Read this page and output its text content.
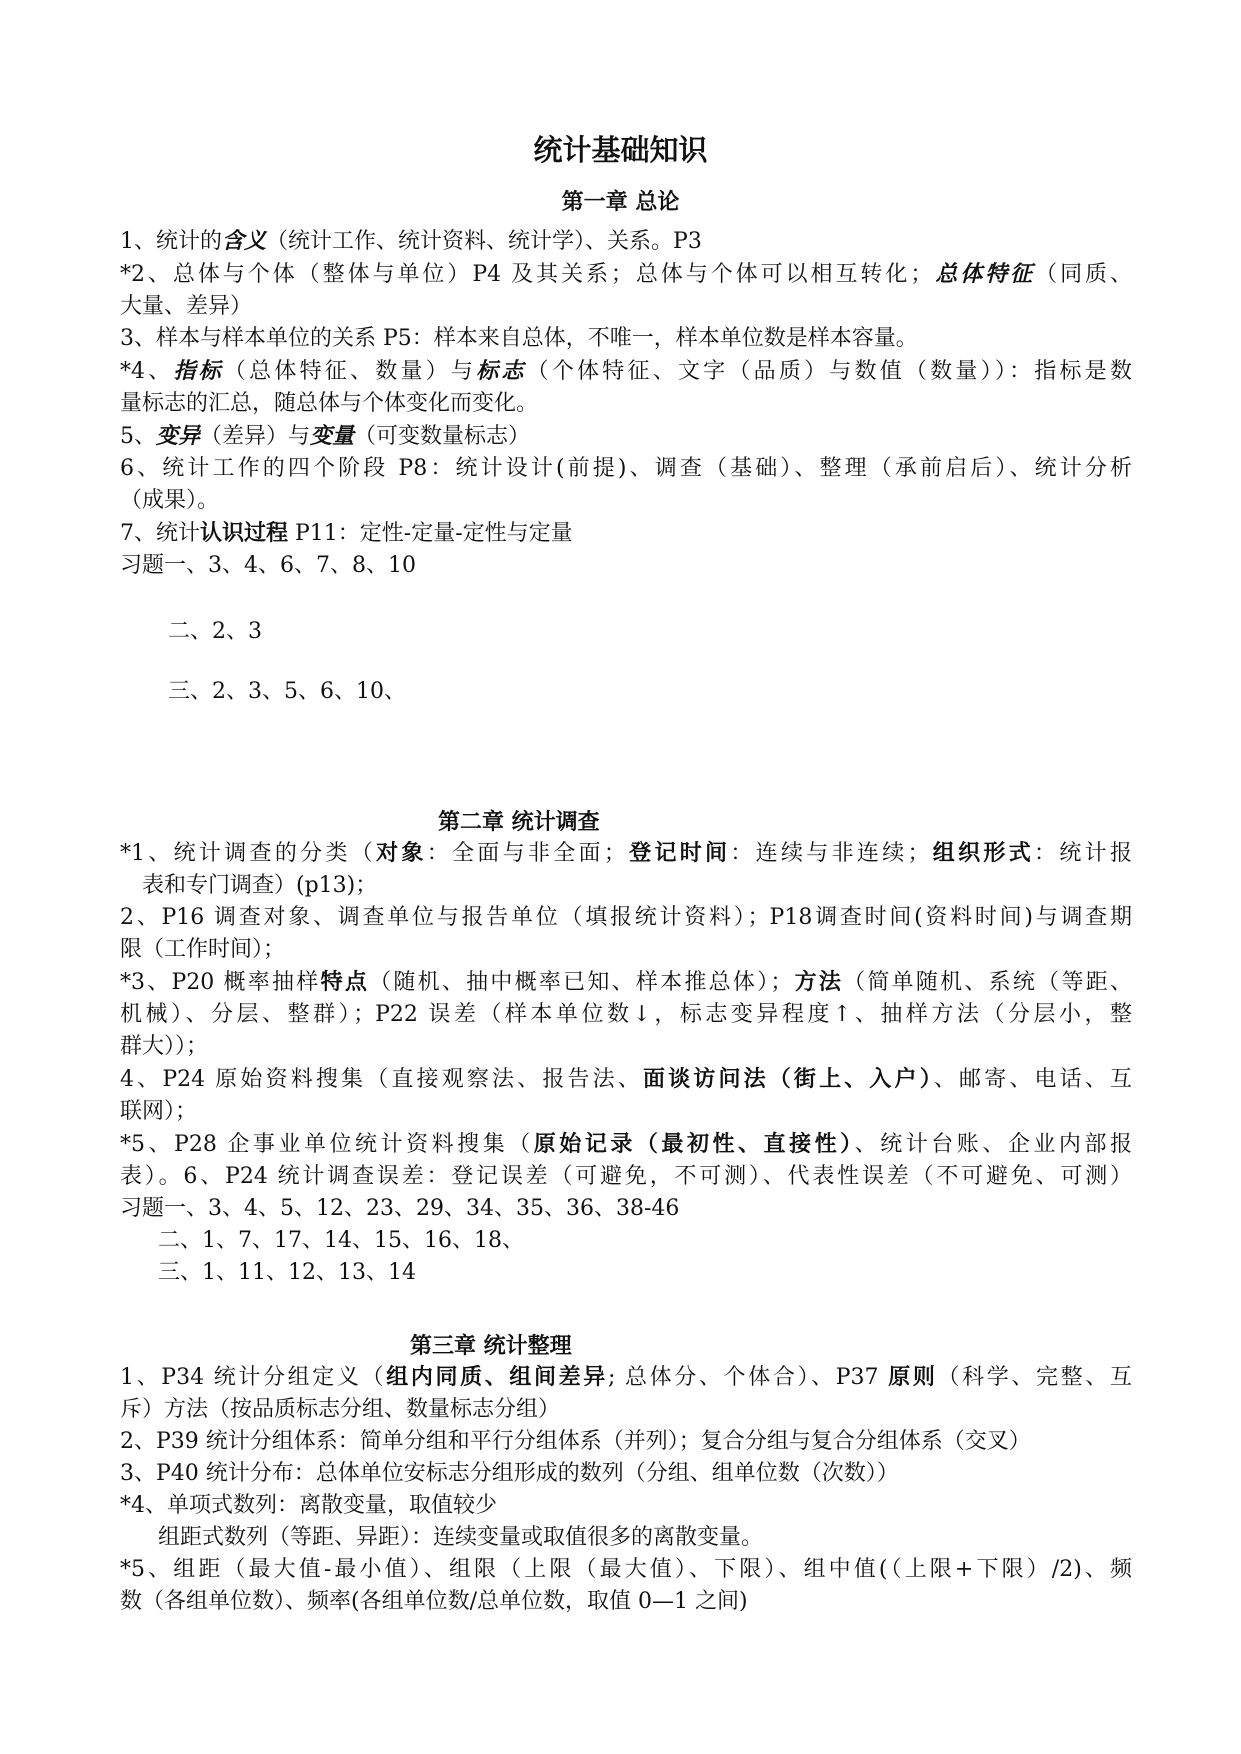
统计基础知识
第一章 总论
1、统计的含义（统计工作、统计资料、统计学）、关系。P3
*2、总体与个体（整体与单位）P4 及其关系；总体与个体可以相互转化；总体特征（同质、
大量、差异）
3、样本与样本单位的关系 P5：样本来自总体，不唯一，样本单位数是样本容量。
*4、指标（总体特征、数量）与标志（个体特征、文字（品质）与数值（数量））：指标是数
量标志的汇总，随总体与个体变化而变化。
5、变异（差异）与变量（可变数量标志）
6、统计工作的四个阶段 P8：统计设计(前提)、调查（基础）、整理（承前启后）、统计分析
（成果）。
7、统计认识过程 P11：定性-定量-定性与定量
习题一、3、4、6、7、8、10
二、2、3
三、2、3、5、6、10、
第二章 统计调查
*1、统计调查的分类（对象：全面与非全面；登记时间：连续与非连续；组织形式：统计报
表和专门调查）(p13)；
2、P16 调查对象、调查单位与报告单位（填报统计资料）；P18调查时间(资料时间)与调查期
限（工作时间）；
*3、P20 概率抽样特点（随机、抽中概率已知、样本推总体）；方法（简单随机、系统（等距、
机械）、分层、整群）；P22 误差（样本单位数↓，标志变异程度↑、抽样方法（分层小，整
群大））；
4、P24 原始资料搜集（直接观察法、报告法、面谈访问法（街上、入户）、邮寄、电话、互
联网）；
*5、P28 企事业单位统计资料搜集（原始记录（最初性、直接性）、统计台账、企业内部报
表）。6、P24 统计调查误差：登记误差（可避免，不可测）、代表性误差（不可避免、可测）
习题一、3、4、5、12、23、29、34、35、36、38-46
二、1、7、17、14、15、16、18、
三、1、11、12、13、14
第三章 统计整理
1、P34 统计分组定义（组内同质、组间差异; 总体分、个体合）、P37 原则（科学、完整、互
斥）方法（按品质标志分组、数量标志分组）
2、P39 统计分组体系：简单分组和平行分组体系（并列）；复合分组与复合分组体系（交叉）
3、P40 统计分布：总体单位安标志分组形成的数列（分组、组单位数（次数））
*4、单项式数列：离散变量，取值较少
组距式数列（等距、异距）：连续变量或取值很多的离散变量。
*5、组距（最大值-最小值）、组限（上限（最大值）、下限）、组中值(（上限+下限）/2)、频
数（各组单位数）、频率(各组单位数/总单位数，取值 0—1 之间)
